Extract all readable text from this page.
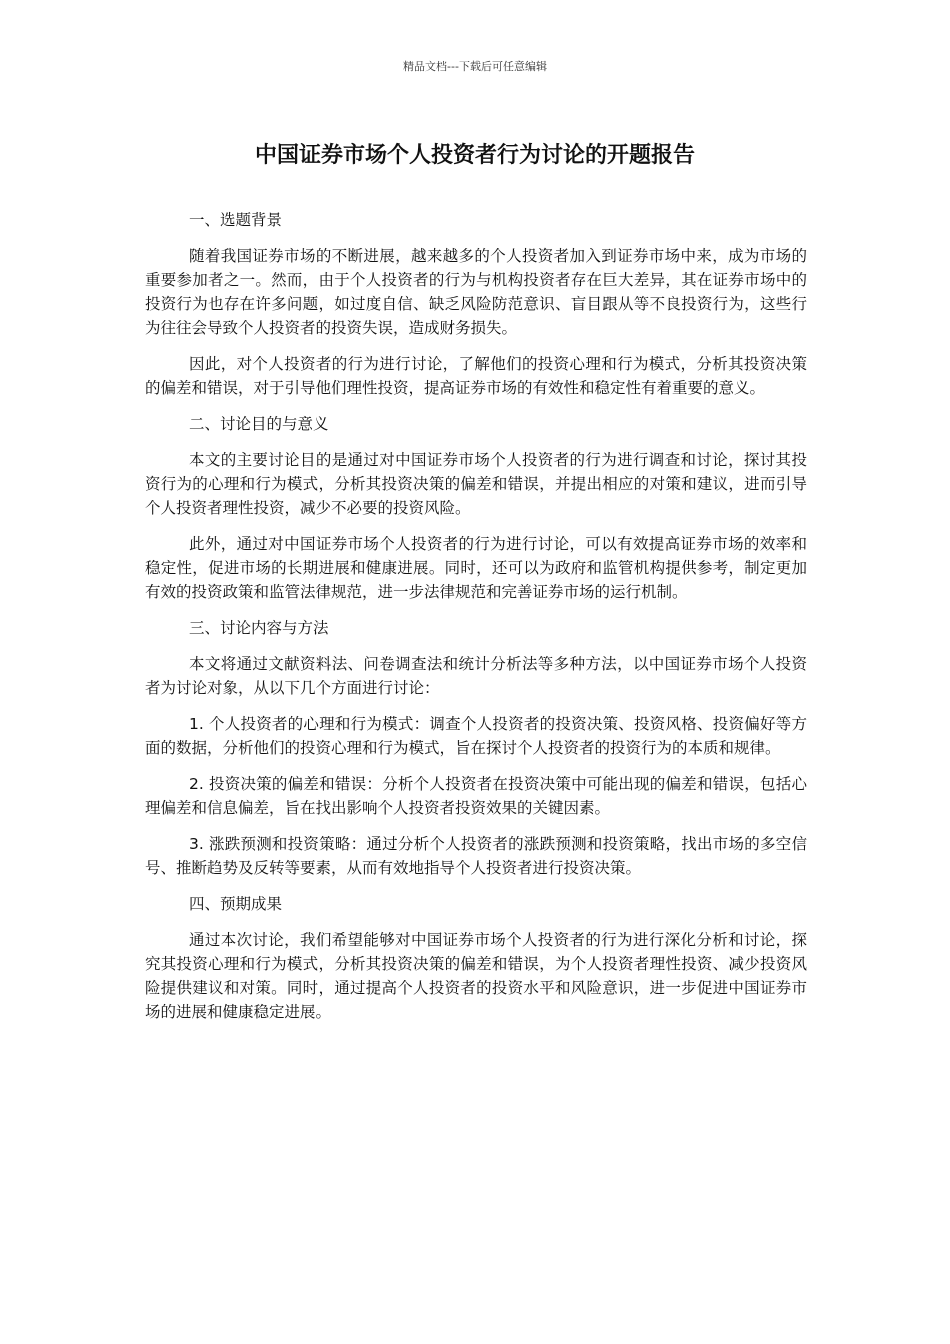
精品文档---下载后可任意编辑
中国证券市场个人投资者行为讨论的开题报告

一、选题背景

随着我国证券市场的不断进展，越来越多的个人投资者加入到证券市场中来，成为市场的重要参加者之一。然而，由于个人投资者的行为与机构投资者存在巨大差异，其在证券市场中的投资行为也存在许多问题，如过度自信、缺乏风险防范意识、盲目跟从等不良投资行为，这些行为往往会导致个人投资者的投资失误，造成财务损失。

因此，对个人投资者的行为进行讨论，了解他们的投资心理和行为模式，分析其投资决策的偏差和错误，对于引导他们理性投资，提高证券市场的有效性和稳定性有着重要的意义。

二、讨论目的与意义

本文的主要讨论目的是通过对中国证券市场个人投资者的行为进行调查和讨论，探讨其投资行为的心理和行为模式，分析其投资决策的偏差和错误，并提出相应的对策和建议，进而引导个人投资者理性投资，减少不必要的投资风险。

此外，通过对中国证券市场个人投资者的行为进行讨论，可以有效提高证券市场的效率和稳定性，促进市场的长期进展和健康进展。同时，还可以为政府和监管机构提供参考，制定更加有效的投资政策和监管法律规范，进一步法律规范和完善证券市场的运行机制。

三、讨论内容与方法

本文将通过文献资料法、问卷调查法和统计分析法等多种方法，以中国证券市场个人投资者为讨论对象，从以下几个方面进行讨论：

1. 个人投资者的心理和行为模式：调查个人投资者的投资决策、投资风格、投资偏好等方面的数据，分析他们的投资心理和行为模式，旨在探讨个人投资者的投资行为的本质和规律。

2. 投资决策的偏差和错误：分析个人投资者在投资决策中可能出现的偏差和错误，包括心理偏差和信息偏差，旨在找出影响个人投资者投资效果的关键因素。

3. 涨跌预测和投资策略：通过分析个人投资者的涨跌预测和投资策略，找出市场的多空信号、推断趋势及反转等要素，从而有效地指导个人投资者进行投资决策。

四、预期成果

通过本次讨论，我们希望能够对中国证券市场个人投资者的行为进行深化分析和讨论，探究其投资心理和行为模式，分析其投资决策的偏差和错误，为个人投资者理性投资、减少投资风险提供建议和对策。同时，通过提高个人投资者的投资水平和风险意识，进一步促进中国证券市场的进展和健康稳定进展。
